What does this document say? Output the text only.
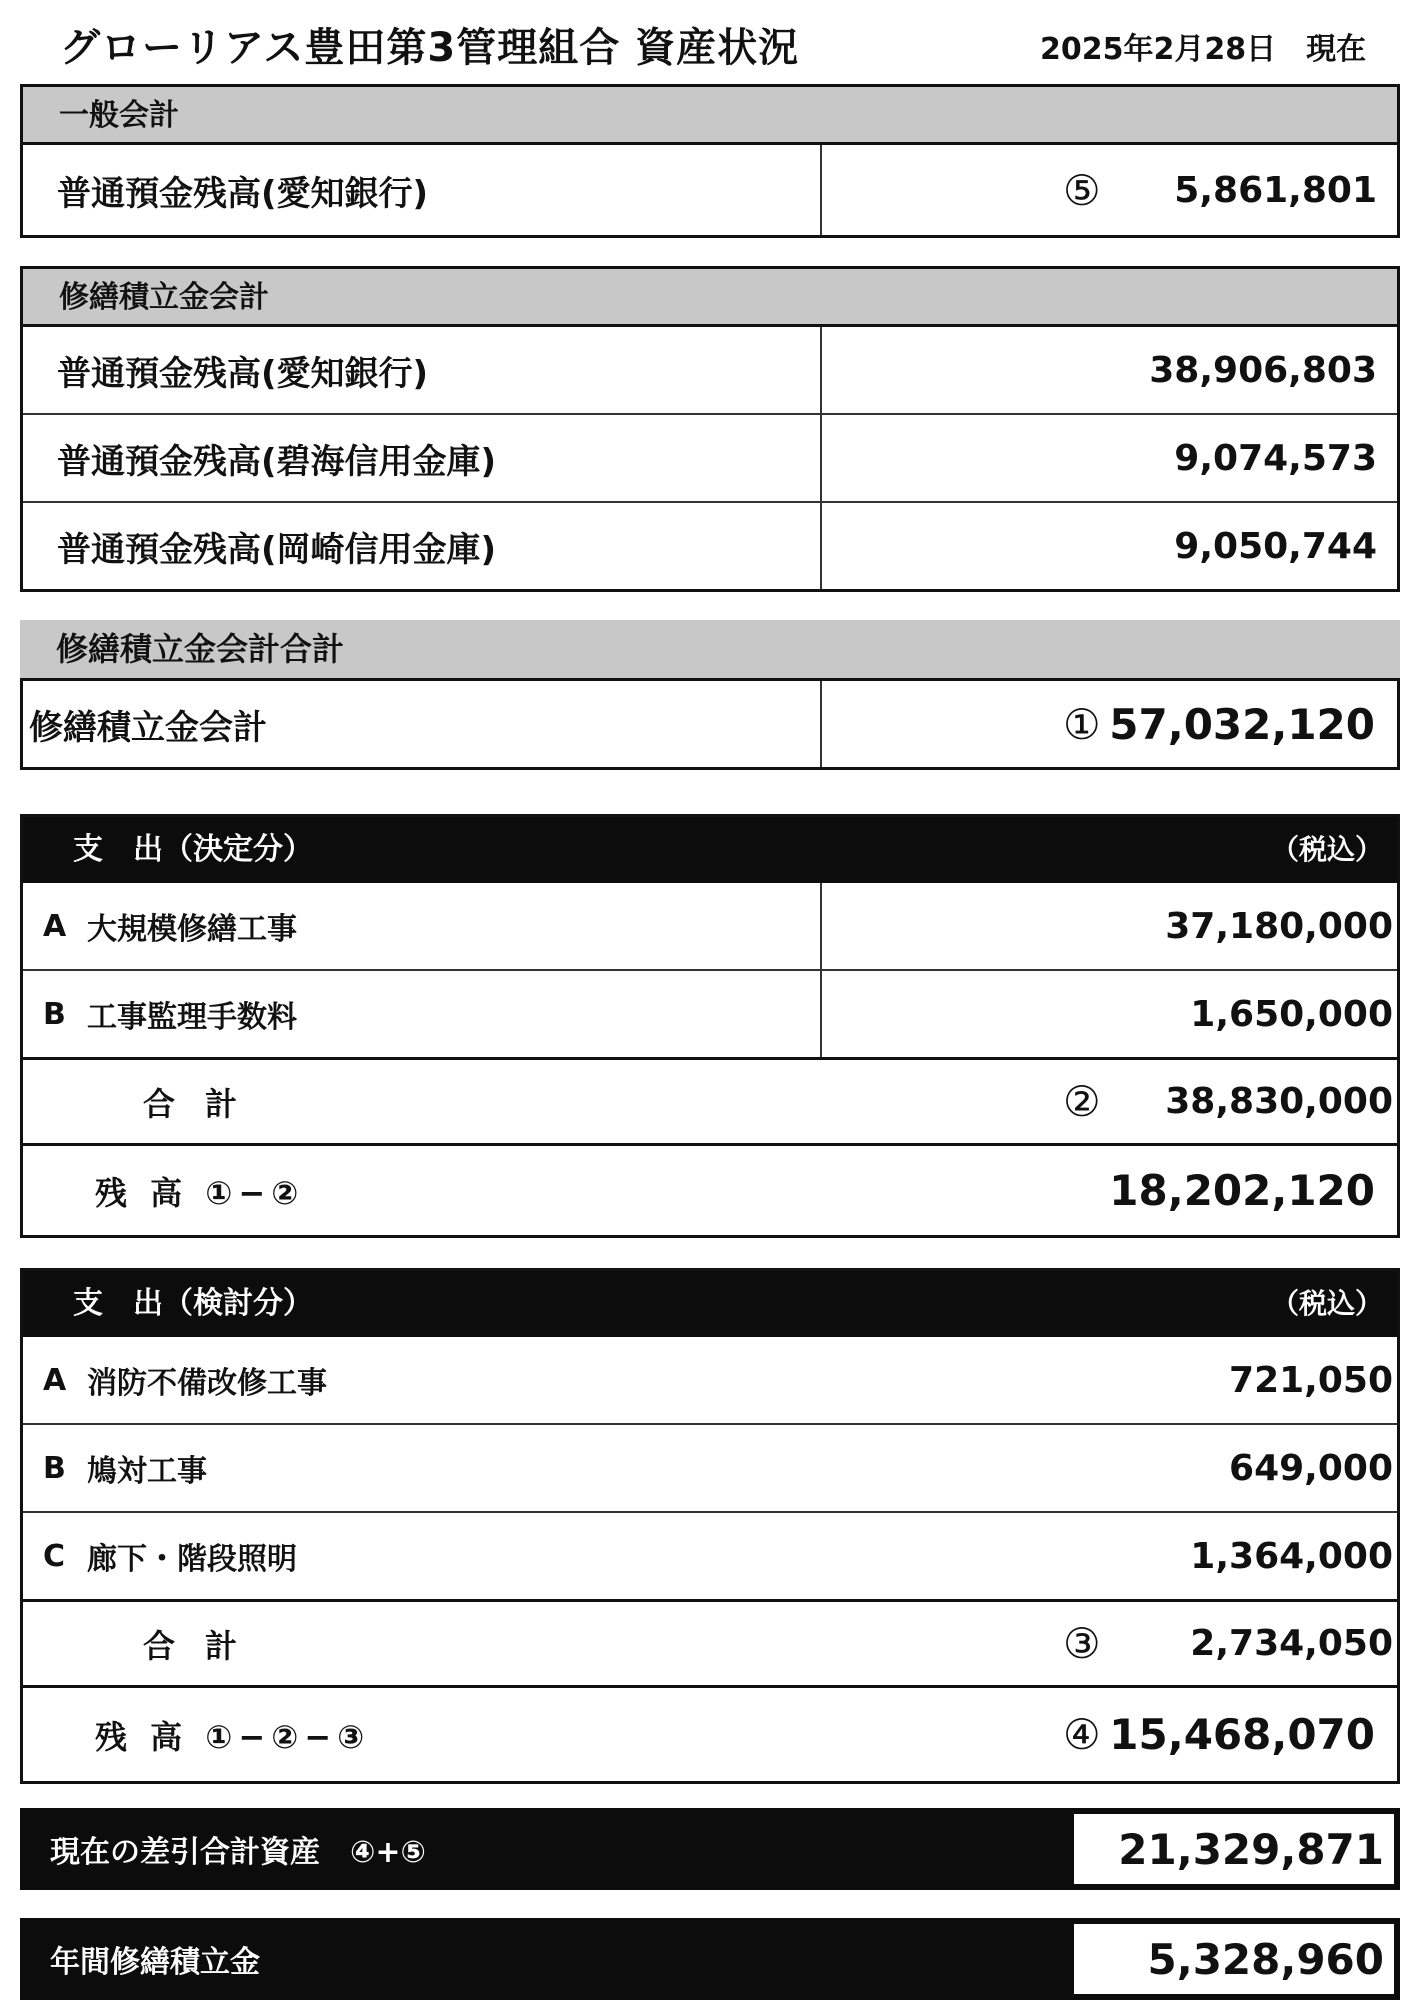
グローリアス豊田第3管理組合 資産状況	2025年2月28日　現在
一般会計
普通預金残高(愛知銀行)	⑤ 5,861,801
修繕積立金会計
普通預金残高(愛知銀行)	38,906,803
普通預金残高(碧海信用金庫)	9,074,573
普通預金残高(岡崎信用金庫)	9,050,744
修繕積立金会計合計
修繕積立金会計	① 57,032,120
支　出（決定分）	（税込）
A 大規模修繕工事	37,180,000
B 工事監理手数料	1,650,000
合計	② 38,830,000
残 高 ①−②	18,202,120
支　出（検討分）	（税込）
A 消防不備改修工事	721,050
B 鳩対工事	649,000
C 廊下・階段照明	1,364,000
合計	③ 2,734,050
残 高 ①−②−③	④ 15,468,070
現在の差引合計資産　④+⑤	21,329,871
年間修繕積立金	5,328,960
